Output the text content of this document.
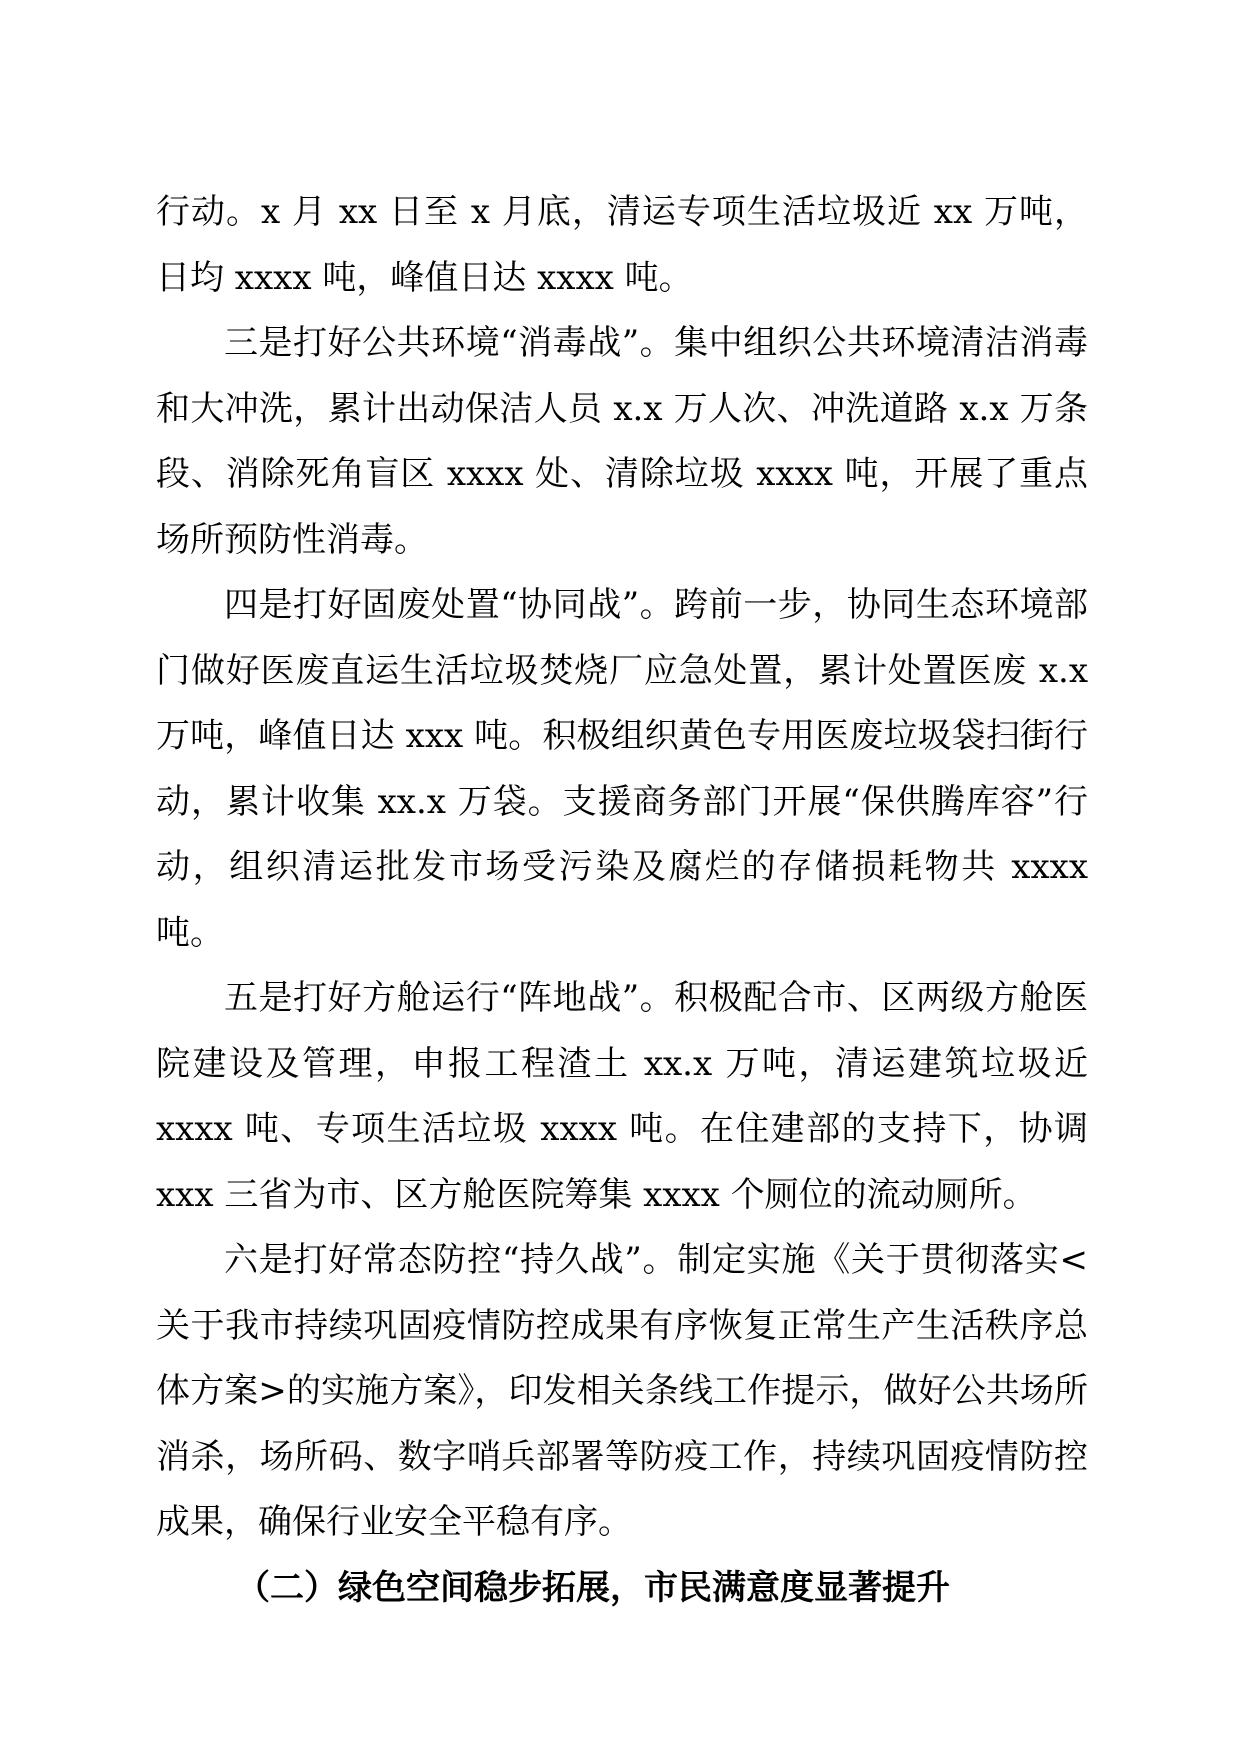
行动。x 月 xx 日至 x 月底，清运专项生活垃圾近 xx 万吨，日均 xxxx 吨，峰值日达 xxxx 吨。

三是打好公共环境“消毒战”。集中组织公共环境清洁消毒和大冲洗，累计出动保洁人员 x.x 万人次、冲洗道路 x.x 万条段、消除死角盲区 xxxx 处、清除垃圾 xxxx 吨，开展了重点场所预防性消毒。

四是打好固废处置“协同战”。跨前一步，协同生态环境部门做好医废直运生活垃圾焚烧厂应急处置，累计处置医废 x.x 万吨，峰值日达 xxx 吨。积极组织黄色专用医废垃圾袋扫街行动，累计收集 xx.x 万袋。支援商务部门开展“保供腾库容”行动，组织清运批发市场受污染及腐烂的存储损耗物共 xxxx 吨。

五是打好方舱运行“阵地战”。积极配合市、区两级方舱医院建设及管理，申报工程渣土 xx.x 万吨，清运建筑垃圾近 xxxx 吨、专项生活垃圾 xxxx 吨。在住建部的支持下，协调 xxx 三省为市、区方舱医院筹集 xxxx 个厕位的流动厕所。

六是打好常态防控“持久战”。制定实施《关于贯彻落实<关于我市持续巩固疫情防控成果有序恢复正常生产生活秩序总体方案>的实施方案》，印发相关条线工作提示，做好公共场所消杀，场所码、数字哨兵部署等防疫工作，持续巩固疫情防控成果，确保行业安全平稳有序。

（二）绿色空间稳步拓展，市民满意度显著提升
